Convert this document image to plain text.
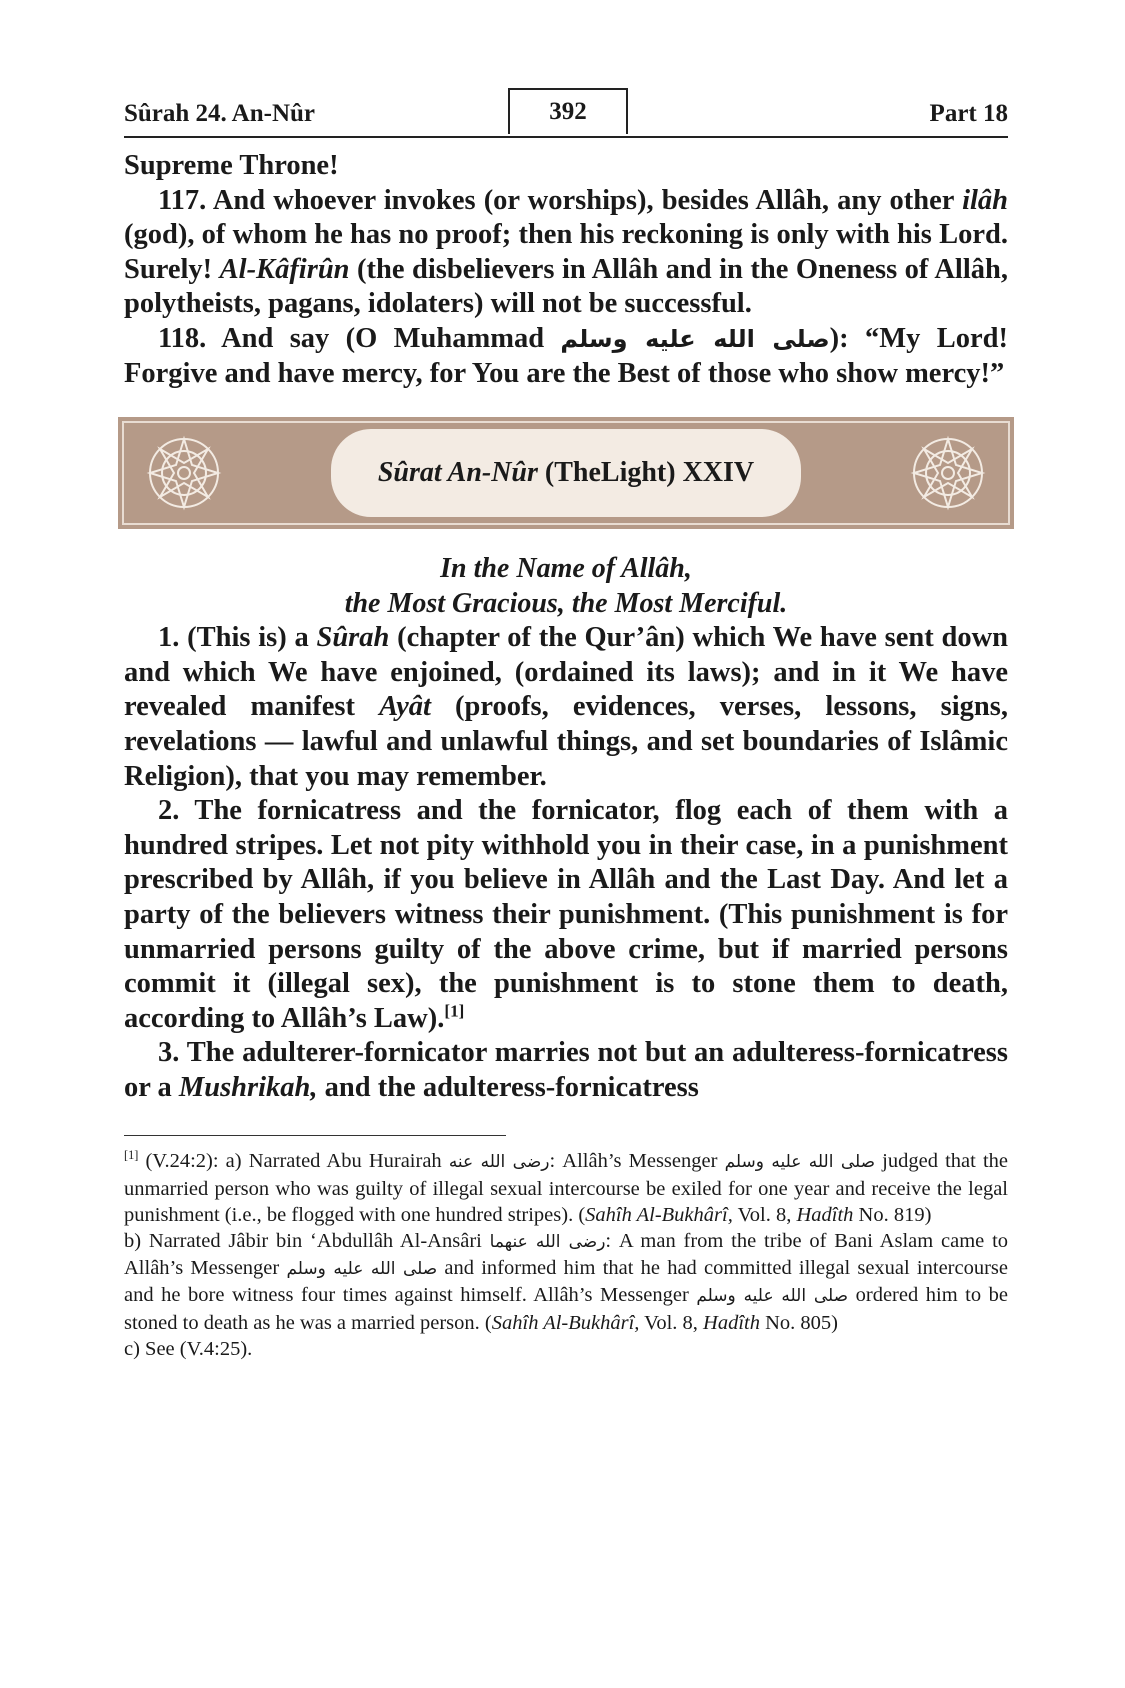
Sûrah 24. An-Nûr	392	Part 18

Supreme Throne!

117. And whoever invokes (or worships), besides Allâh, any other ilâh (god), of whom he has no proof; then his reckoning is only with his Lord. Surely! Al-Kâfirûn (the disbelievers in Allâh and in the Oneness of Allâh, polytheists, pagans, idolaters) will not be successful.

118. And say (O Muhammad صلى الله عليه وسلم): “My Lord! Forgive and have mercy, for You are the Best of those who show mercy!”

Sûrat An-Nûr (TheLight) XXIV
In the Name of Allâh,
the Most Gracious, the Most Merciful.

1. (This is) a Sûrah (chapter of the Qur’ân) which We have sent down and which We have enjoined, (ordained its laws); and in it We have revealed manifest Ayât (proofs, evidences, verses, lessons, signs, revelations — lawful and unlawful things, and set boundaries of Islâmic Religion), that you may remember.

2. The fornicatress and the fornicator, flog each of them with a hundred stripes. Let not pity withhold you in their case, in a punishment prescribed by Allâh, if you believe in Allâh and the Last Day. And let a party of the believers witness their punishment. (This punishment is for unmarried persons guilty of the above crime, but if married persons commit it (illegal sex), the punishment is to stone them to death, according to Allâh’s Law).[1]

3. The adulterer-fornicator marries not but an adulteress-fornicatress or a Mushrikah, and the adulteress-fornicatress

[1] (V.24:2): a) Narrated Abu Hurairah رضى الله عنه: Allâh’s Messenger صلى الله عليه وسلم judged that the unmarried person who was guilty of illegal sexual intercourse be exiled for one year and receive the legal punishment (i.e., be flogged with one hundred stripes). (Sahîh Al-Bukhârî, Vol. 8, Hadîth No. 819)

b) Narrated Jâbir bin ‘Abdullâh Al-Ansâri رضى الله عنهما: A man from the tribe of Bani Aslam came to Allâh’s Messenger صلى الله عليه وسلم and informed him that he had committed illegal sexual intercourse and he bore witness four times against himself. Allâh’s Messenger صلى الله عليه وسلم ordered him to be stoned to death as he was a married person. (Sahîh Al-Bukhârî, Vol. 8, Hadîth No. 805)

c) See (V.4:25).
